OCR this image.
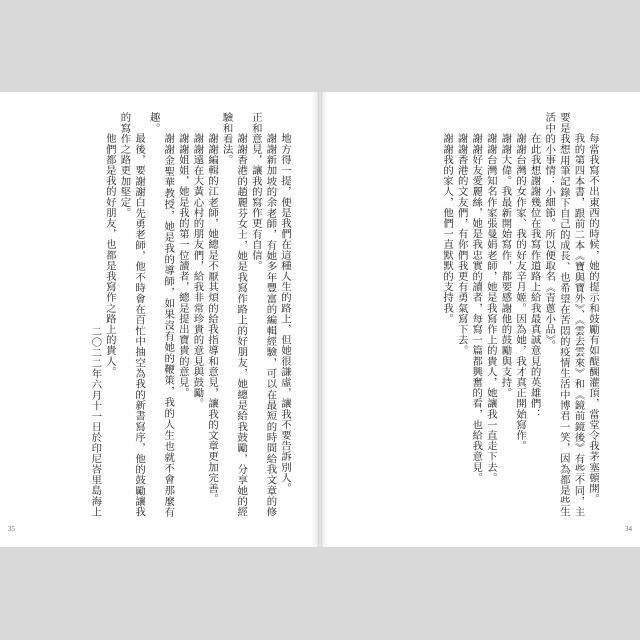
地方得一提，便是我們在這種人生的路上，但她很謙虛，讓我不要告訴別人。

謝謝新加坡的余老師，有她多年豐富的編輯經驗，可以在最短的時間給我文章的修正和意見，讓我的寫作更有自信。

謝謝香港的趙麗芬女士，她是我寫作路上的好朋友，她總是給我鼓勵，分享她的經驗和看法。

謝謝編輯的江老師，她總是不厭其煩的給我指導和意見，讓我的文章更加完善。

謝謝遠在大黃心村的朋友們，給我非常珍貴的意見與鼓勵。

謝謝姐姐，她是我的第一位讀者，總是提出寶貴的意見。

謝謝金聖華教授，她是我的導師，如果沒有她的鞭策，我的人生也就不會那麼有趣。

最後，要謝謝白先勇老師，他不時會在百忙中抽空為我的新書寫序，他的鼓勵讓我的寫作之路更加堅定。

他們都是我的好朋友，也都是我寫作之路上的貴人。

二〇二二年六月十一日於印尼峇里島海上

35

每當我寫不出東西的時候，她的提示和鼓勵有如醍醐灌頂，當堂令我茅塞頓開。

我的第四本書，跟前二本《寶與寶外》、《雲去雲來》和《鏡前鏡後》有些不同，主要是我想用筆記錄下自己的成長、也希望在苦悶的疫情生活中博君一笑，因為都是些生活中的小事情：小細節。所以便取名《青蔥小品》。

在此我想謝謝幾位在我寫作道路上給我最真誠意見的英雄們：

謝謝台灣的女作家、我的好友辛月姬。因為她，我才真正開始寫作。

謝謝大偉。我最新開始寫作，都要感謝他的鼓勵與支持。

謝謝台灣知名作家張曼娟老師，她是我寫作上的貴人，她讓我一直走下去。

謝謝好友愛麗絲，她是我忠實的讀者，每寫一篇都興奮的看，也給我意見。

謝謝香港的文友們，有你們我更有勇氣寫下去。

謝謝我的家人，他們一直默默的支持我。

34
